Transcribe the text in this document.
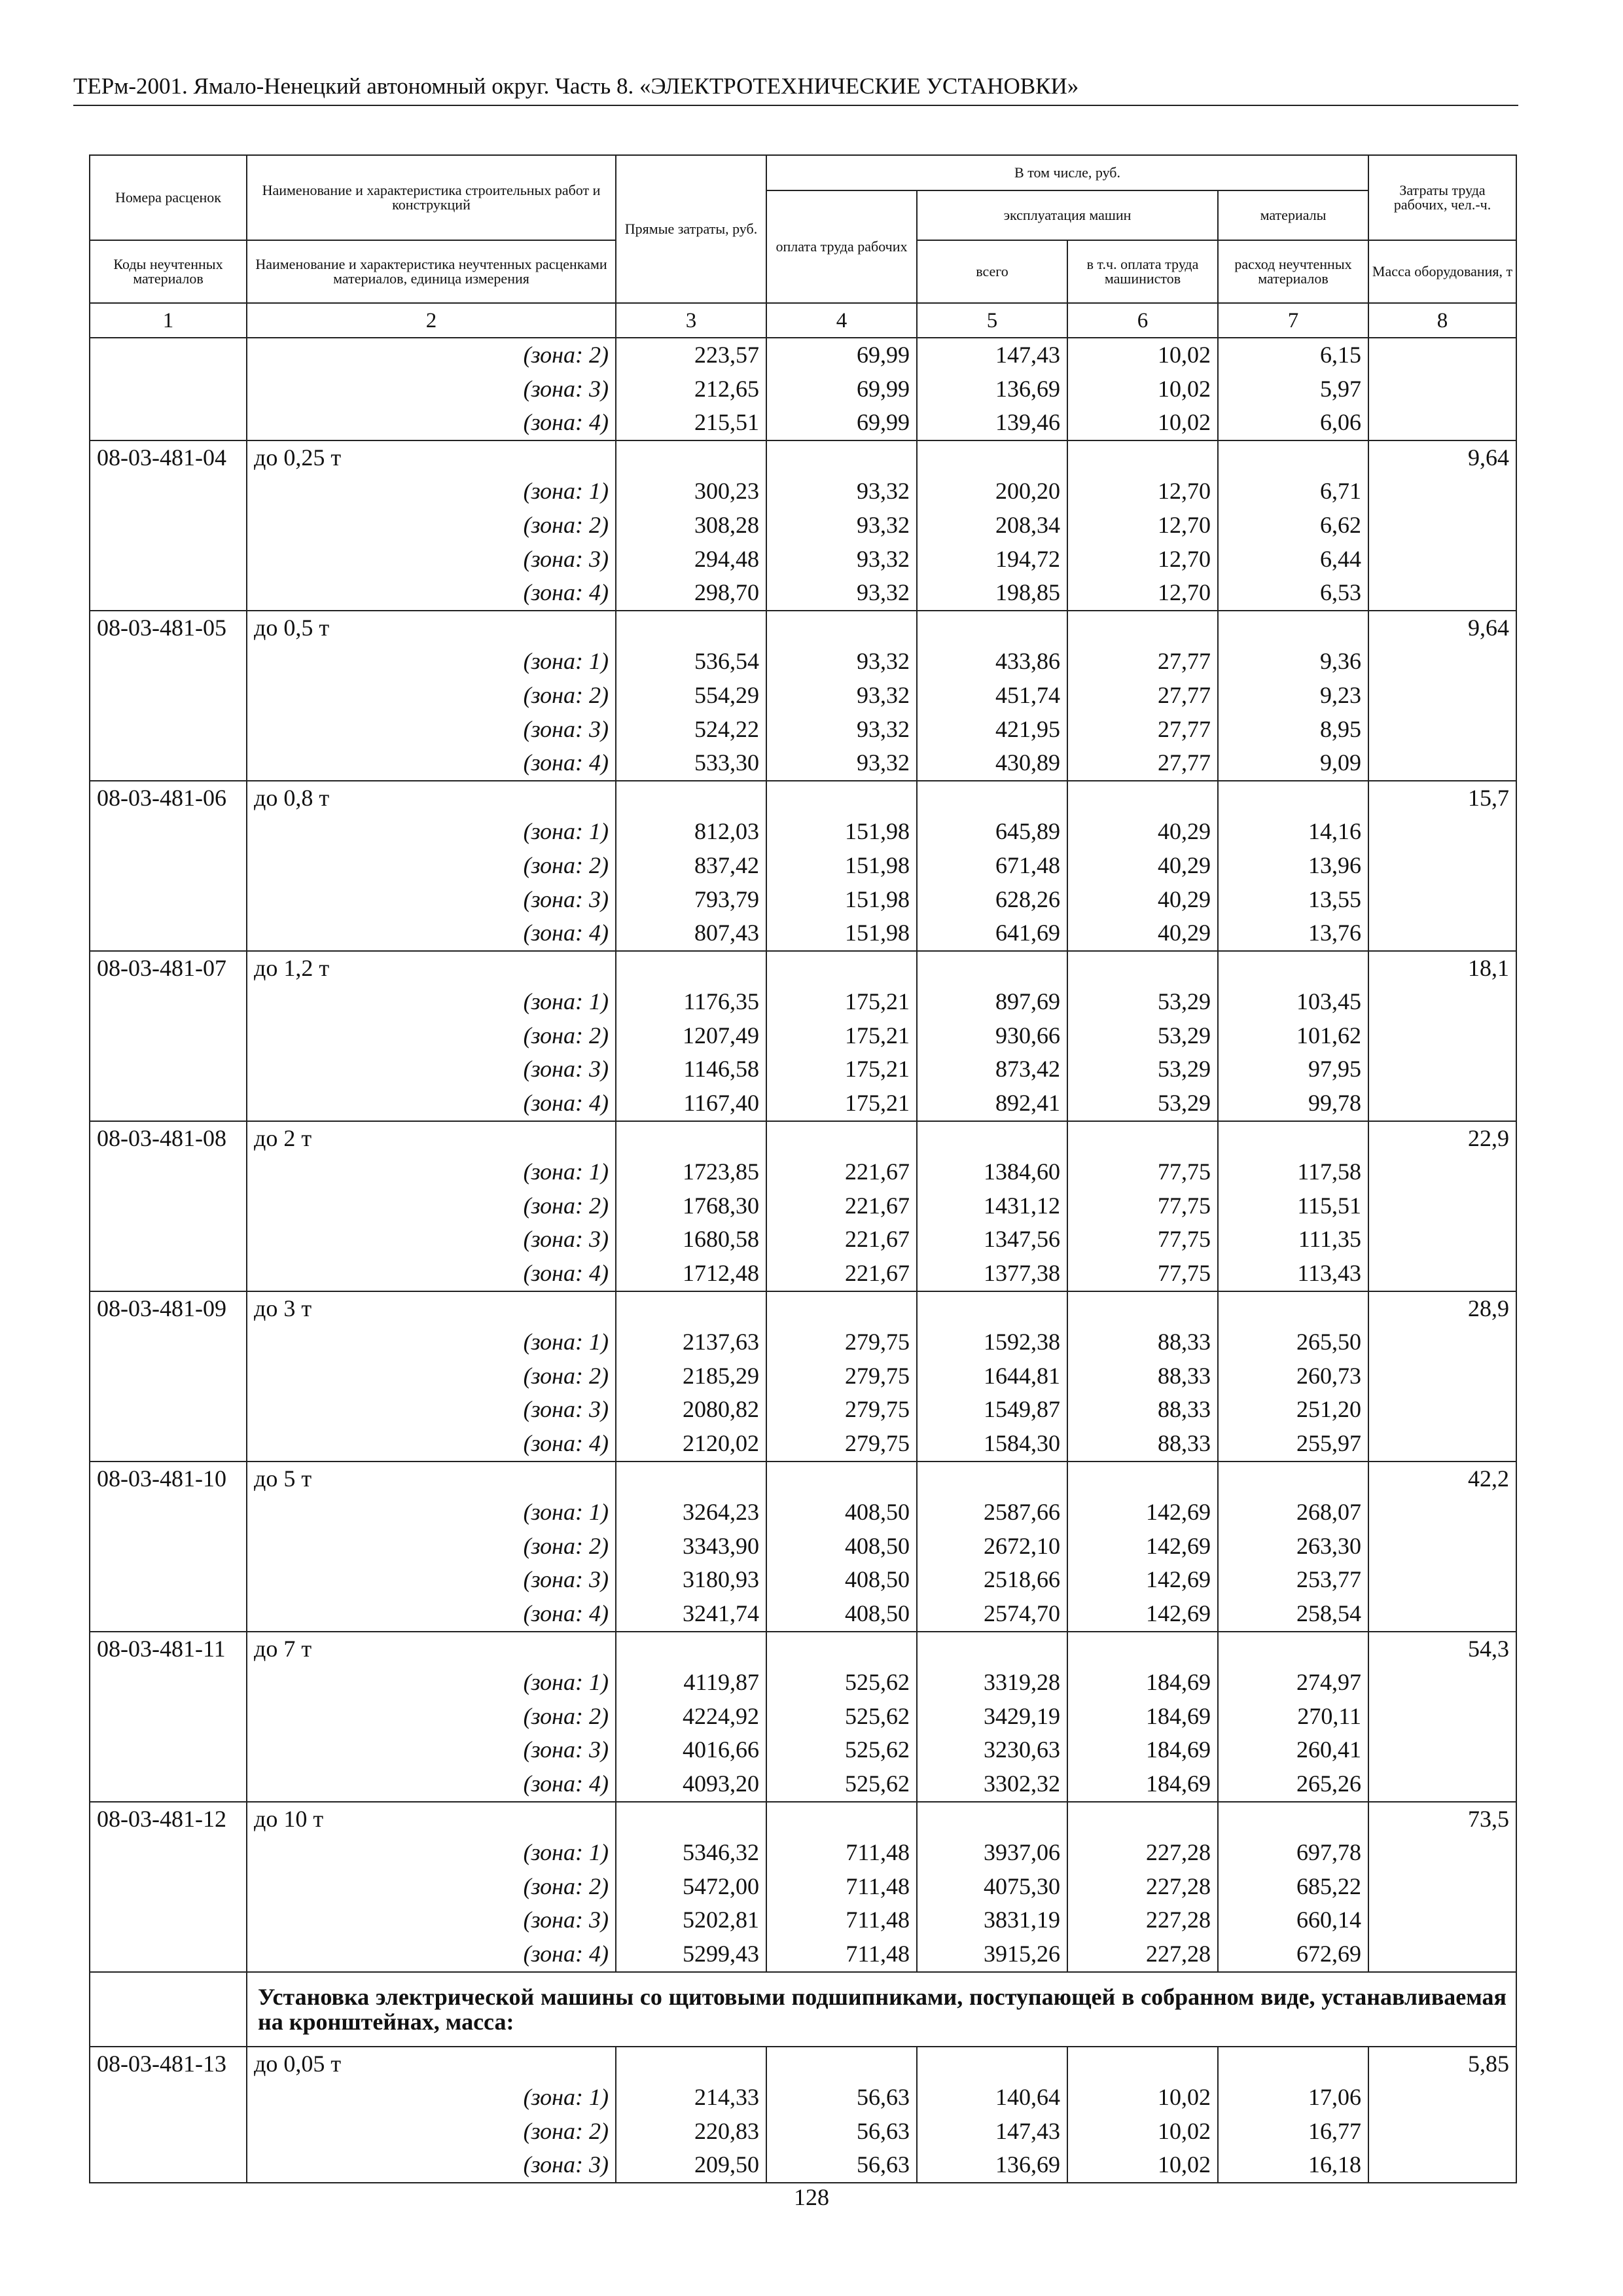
ТЕРм-2001. Ямало-Ненецкий автономный округ. Часть 8. «ЭЛЕКТРОТЕХНИЧЕСКИЕ УСТАНОВКИ»
Номера расценок	Наименование и характеристика строительных работ и конструкций	Прямые затраты, руб.	В том числе, руб.				Затраты труда рабочих, чел.-ч.
			оплата труда рабочих	эксплуатация машин		материалы	
Коды неучтенных материалов	Наименование и характеристика неучтенных расценками материалов, единица измерения			всего	в т.ч. оплата труда машинистов	расход неучтенных материалов	Масса оборудования, т
1	2	3	4	5	6	7	8
	(зона: 2)	223,57	69,99	147,43	10,02	6,15	
	(зона: 3)	212,65	69,99	136,69	10,02	5,97	
	(зона: 4)	215,51	69,99	139,46	10,02	6,06	
08-03-481-04	до 0,25 т						9,64
	(зона: 1)	300,23	93,32	200,20	12,70	6,71	
	(зона: 2)	308,28	93,32	208,34	12,70	6,62	
	(зона: 3)	294,48	93,32	194,72	12,70	6,44	
	(зона: 4)	298,70	93,32	198,85	12,70	6,53	
08-03-481-05	до 0,5 т						9,64
	(зона: 1)	536,54	93,32	433,86	27,77	9,36	
	(зона: 2)	554,29	93,32	451,74	27,77	9,23	
	(зона: 3)	524,22	93,32	421,95	27,77	8,95	
	(зона: 4)	533,30	93,32	430,89	27,77	9,09	
08-03-481-06	до 0,8 т						15,7
	(зона: 1)	812,03	151,98	645,89	40,29	14,16	
	(зона: 2)	837,42	151,98	671,48	40,29	13,96	
	(зона: 3)	793,79	151,98	628,26	40,29	13,55	
	(зона: 4)	807,43	151,98	641,69	40,29	13,76	
08-03-481-07	до 1,2 т						18,1
	(зона: 1)	1176,35	175,21	897,69	53,29	103,45	
	(зона: 2)	1207,49	175,21	930,66	53,29	101,62	
	(зона: 3)	1146,58	175,21	873,42	53,29	97,95	
	(зона: 4)	1167,40	175,21	892,41	53,29	99,78	
08-03-481-08	до 2 т						22,9
	(зона: 1)	1723,85	221,67	1384,60	77,75	117,58	
	(зона: 2)	1768,30	221,67	1431,12	77,75	115,51	
	(зона: 3)	1680,58	221,67	1347,56	77,75	111,35	
	(зона: 4)	1712,48	221,67	1377,38	77,75	113,43	
08-03-481-09	до 3 т						28,9
	(зона: 1)	2137,63	279,75	1592,38	88,33	265,50	
	(зона: 2)	2185,29	279,75	1644,81	88,33	260,73	
	(зона: 3)	2080,82	279,75	1549,87	88,33	251,20	
	(зона: 4)	2120,02	279,75	1584,30	88,33	255,97	
08-03-481-10	до 5 т						42,2
	(зона: 1)	3264,23	408,50	2587,66	142,69	268,07	
	(зона: 2)	3343,90	408,50	2672,10	142,69	263,30	
	(зона: 3)	3180,93	408,50	2518,66	142,69	253,77	
	(зона: 4)	3241,74	408,50	2574,70	142,69	258,54	
08-03-481-11	до 7 т						54,3
	(зона: 1)	4119,87	525,62	3319,28	184,69	274,97	
	(зона: 2)	4224,92	525,62	3429,19	184,69	270,11	
	(зона: 3)	4016,66	525,62	3230,63	184,69	260,41	
	(зона: 4)	4093,20	525,62	3302,32	184,69	265,26	
08-03-481-12	до 10 т						73,5
	(зона: 1)	5346,32	711,48	3937,06	227,28	697,78	
	(зона: 2)	5472,00	711,48	4075,30	227,28	685,22	
	(зона: 3)	5202,81	711,48	3831,19	227,28	660,14	
	(зона: 4)	5299,43	711,48	3915,26	227,28	672,69	
	Установка электрической машины со щитовыми подшипниками, поступающей в собранном виде, устанавливаемая на кронштейнах, масса:						
08-03-481-13	до 0,05 т						5,85
	(зона: 1)	214,33	56,63	140,64	10,02	17,06	
	(зона: 2)	220,83	56,63	147,43	10,02	16,77	
	(зона: 3)	209,50	56,63	136,69	10,02	16,18	
128
